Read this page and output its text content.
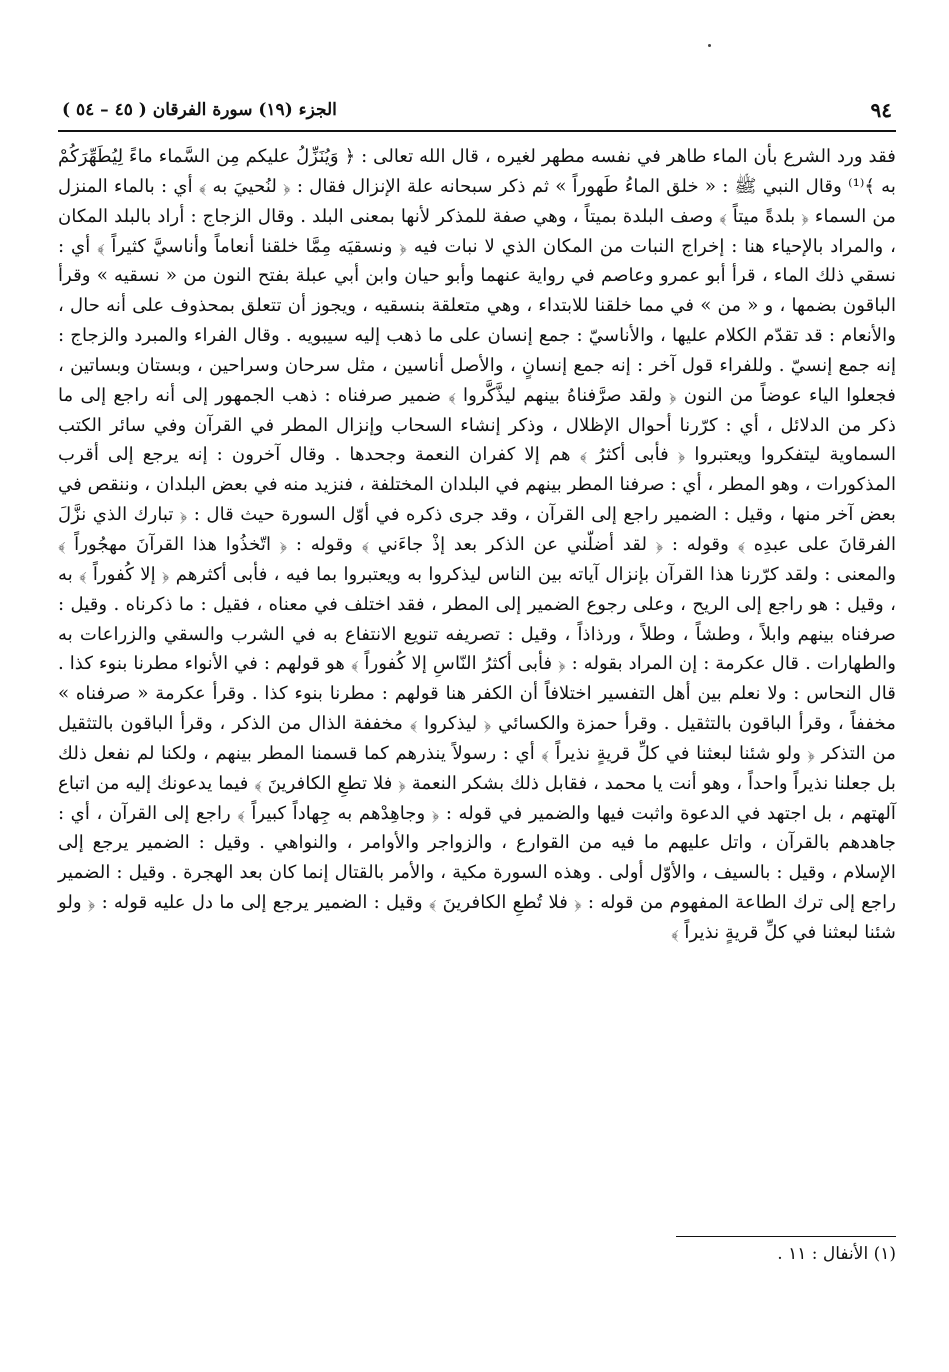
٩٤
الجزء (١٩) سورة الفرقان ( ٤٥ – ٥٤ )

فقد ورد الشرع بأن الماء طاهر في نفسه مطهر لغيره ، قال الله تعالى : ﴿ وَيُنَزِّلُ عليكم مِن السَّماء ماءً لِيُطَهِّرَكُمْ به ﴾⁽¹⁾ وقال النبي ﷺ : « خلق الماءُ طَهوراً » ثم ذكر سبحانه علة الإنزال فقال : ﴿ لنُحييَ به ﴾ أي : بالماء المنزل من السماء ﴿ بلدةً ميتاً ﴾ وصف البلدة بميتاً ، وهي صفة للمذكر لأنها بمعنى البلد . وقال الزجاج : أراد بالبلد المكان ، والمراد بالإحياء هنا : إخراج النبات من المكان الذي لا نبات فيه ﴿ ونسقيَه مِمَّا خلقنا أنعاماً وأناسيَّ كثيراً ﴾ أي : نسقي ذلك الماء ، قرأ أبو عمرو وعاصم في رواية عنهما وأبو حيان وابن أبي عبلة بفتح النون من « نسقيه » وقرأ الباقون بضمها ، و « من » في مما خلقنا للابتداء ، وهي متعلقة بنسقيه ، ويجوز أن تتعلق بمحذوف على أنه حال ، والأنعام : قد تقدّم الكلام عليها ، والأناسيّ : جمع إنسان على ما ذهب إليه سيبويه . وقال الفراء والمبرد والزجاج : إنه جمع إنسيّ . وللفراء قول آخر : إنه جمع إنسانٍ ، والأصل أناسين ، مثل سرحان وسراحين ، وبستان وبساتين ، فجعلوا الياء عوضاً من النون ﴿ ولقد صرَّفناهُ بينهم ليذَّكَّروا ﴾ ضمير صرفناه : ذهب الجمهور إلى أنه راجع إلى ما ذكر من الدلائل ، أي : كرّرنا أحوال الإظلال ، وذكر إنشاء السحاب وإنزال المطر في القرآن وفي سائر الكتب السماوية ليتفكروا ويعتبروا ﴿ فأبى أكثرُ ﴾ هم إلا كفران النعمة وجحدها . وقال آخرون : إنه يرجع إلى أقرب المذكورات ، وهو المطر ، أي : صرفنا المطر بينهم في البلدان المختلفة ، فنزيد منه في بعض البلدان ، وننقص في بعض آخر منها ، وقيل : الضمير راجع إلى القرآن ، وقد جرى ذكره في أوّل السورة حيث قال : ﴿ تبارك الذي نزَّلَ الفرقانَ على عبدِه ﴾ وقوله : ﴿ لقد أضلّني عن الذكر بعد إذْ جاءَني ﴾ وقوله : ﴿ اتّخذُوا هذا القرآنَ مهجُوراً ﴾ والمعنى : ولقد كرّرنا هذا القرآن بإنزال آياته بين الناس ليذكروا به ويعتبروا بما فيه ، فأبى أكثرهم ﴿ إلا كُفوراً ﴾ به ، وقيل : هو راجع إلى الريح ، وعلى رجوع الضمير إلى المطر ، فقد اختلف في معناه ، فقيل : ما ذكرناه . وقيل : صرفناه بينهم وابلاً ، وطشاً ، وطلاً ، ورذاذاً ، وقيل : تصريفه تنويع الانتفاع به في الشرب والسقي والزراعات به والطهارات . قال عكرمة : إن المراد بقوله : ﴿ فأبى أكثرُ النّاسِ إلا كُفوراً ﴾ هو قولهم : في الأنواء مطرنا بنوء كذا . قال النحاس : ولا نعلم بين أهل التفسير اختلافاً أن الكفر هنا قولهم : مطرنا بنوء كذا . وقرأ عكرمة « صرفناه » مخففاً ، وقرأ الباقون بالتثقيل . وقرأ حمزة والكسائي ﴿ ليذكروا ﴾ مخففة الذال من الذكر ، وقرأ الباقون بالتثقيل من التذكر ﴿ ولو شئنا لبعثنا في كلِّ قريةٍ نذيراً ﴾ أي : رسولاً ينذرهم كما قسمنا المطر بينهم ، ولكنا لم نفعل ذلك بل جعلنا نذيراً واحداً ، وهو أنت يا محمد ، فقابل ذلك بشكر النعمة ﴿ فلا تطعِ الكافرينَ ﴾ فيما يدعونك إليه من اتباع آلهتهم ، بل اجتهد في الدعوة واثبت فيها والضمير في قوله : ﴿ وجاهِدْهم به جِهاداً كبيراً ﴾ راجع إلى القرآن ، أي : جاهدهم بالقرآن ، واتل عليهم ما فيه من القوارع ، والزواجر والأوامر ، والنواهي . وقيل : الضمير يرجع إلى الإسلام ، وقيل : بالسيف ، والأوّل أولى . وهذه السورة مكية ، والأمر بالقتال إنما كان بعد الهجرة . وقيل : الضمير راجع إلى ترك الطاعة المفهوم من قوله : ﴿ فلا تُطعِ الكافرينَ ﴾ وقيل : الضمير يرجع إلى ما دل عليه قوله : ﴿ ولو شئنا لبعثنا في كلِّ قريةٍ نذيراً ﴾

(١) الأنفال : ١١ .
